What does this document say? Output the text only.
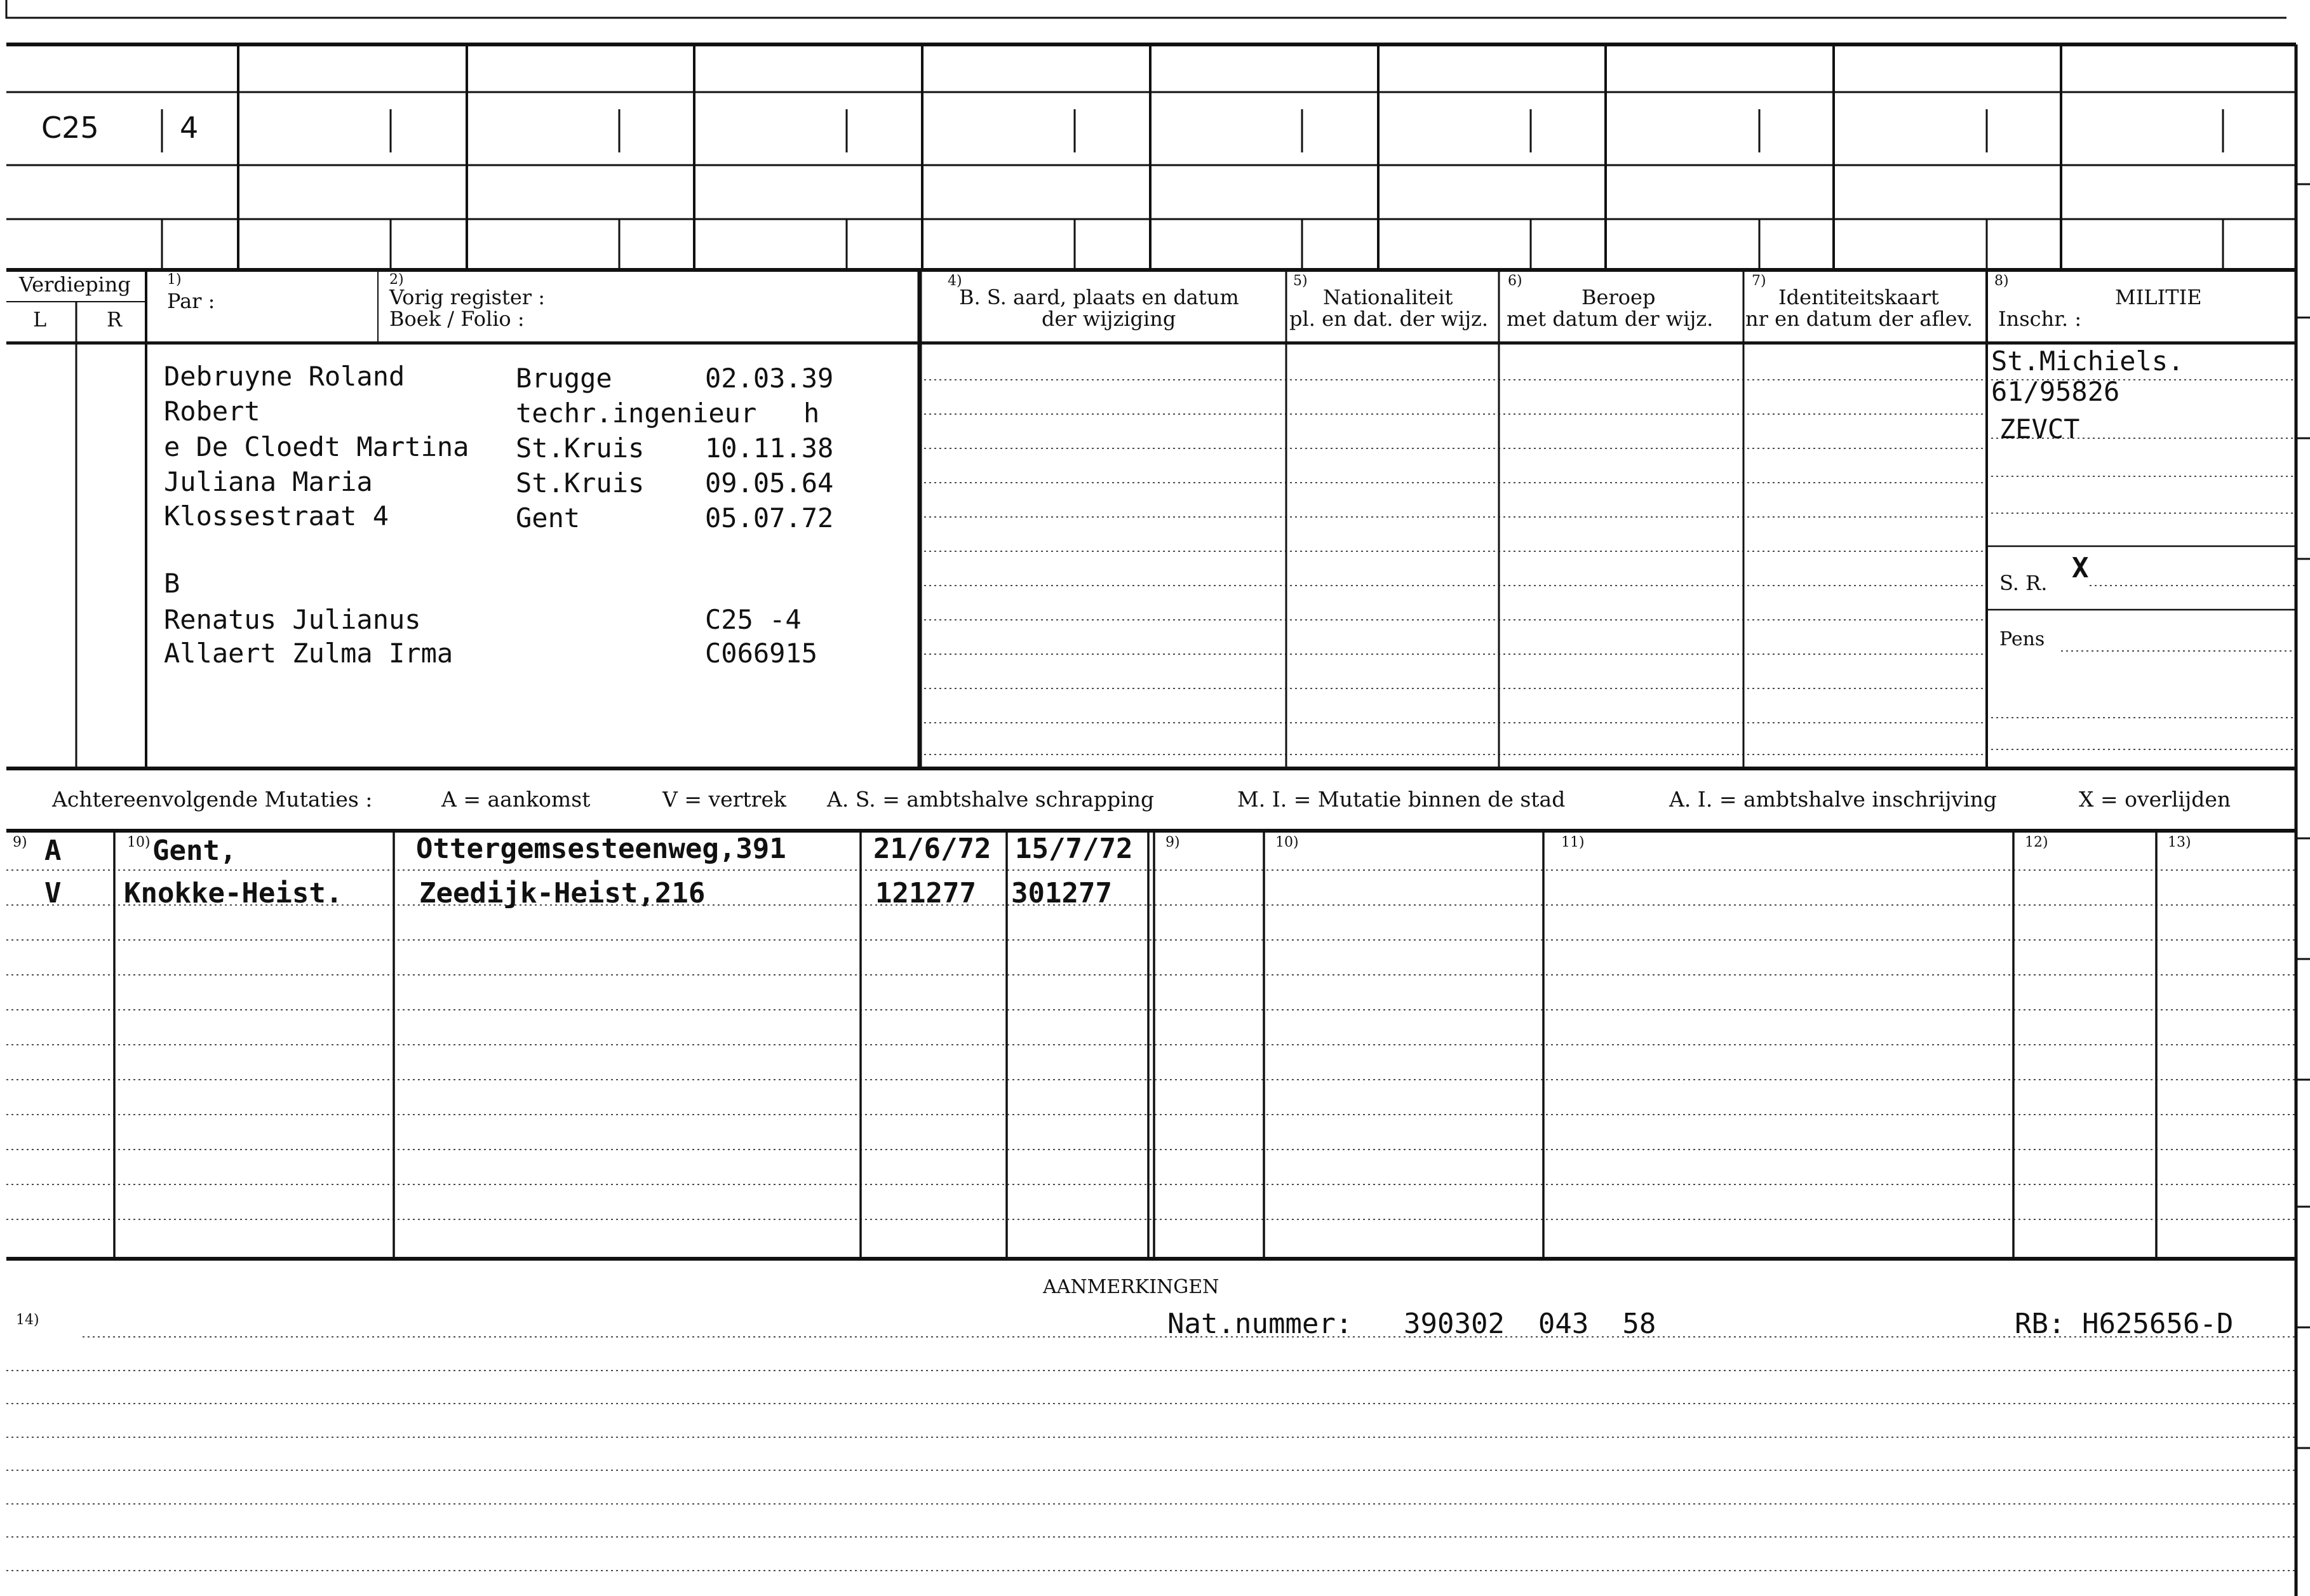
C25	4
Verdieping
L	R
1)
Par :
2)
Vorig register :
Boek / Folio :
4)
B. S. aard, plaats en datum
der wijziging
5)
Nationaliteit
pl. en dat. der wijz.
6)
Beroep
met datum der wijz.
7)
Identiteitskaart
nr en datum der aflev.
8)
MILITIE
Inschr. :
Debruyne Roland	Brugge	02.03.39
Robert	techr.ingenieur h
e De Cloedt Martina St.Kruis 10.11.38
Juliana Maria	St.Kruis 09.05.64
Klossestraat 4	Gent	05.07.72
B
Renatus Julianus	C25 -4
Allaert Zulma Irma	C066915
St.Michiels.
61/95826
ZEVCT
S. R. X
Pens
Achtereenvolgende Mutaties :	A = aankomst	V = vertrek A. S. = ambtshalve schrapping	M. I. = Mutatie binnen de stad	A. I. = ambtshalve inschrijving	X = overlijden
9)	10)	9)	10)	11)	12)	13)
A	Gent,	Ottergemsesteenweg,391	21/6/72 15/7/72
V Knokke-Heist.	Zeedijk-Heist,216	121277 301277
AANMERKINGEN
14)	Nat.nummer: 390302  043  58	RB: H625656-D
